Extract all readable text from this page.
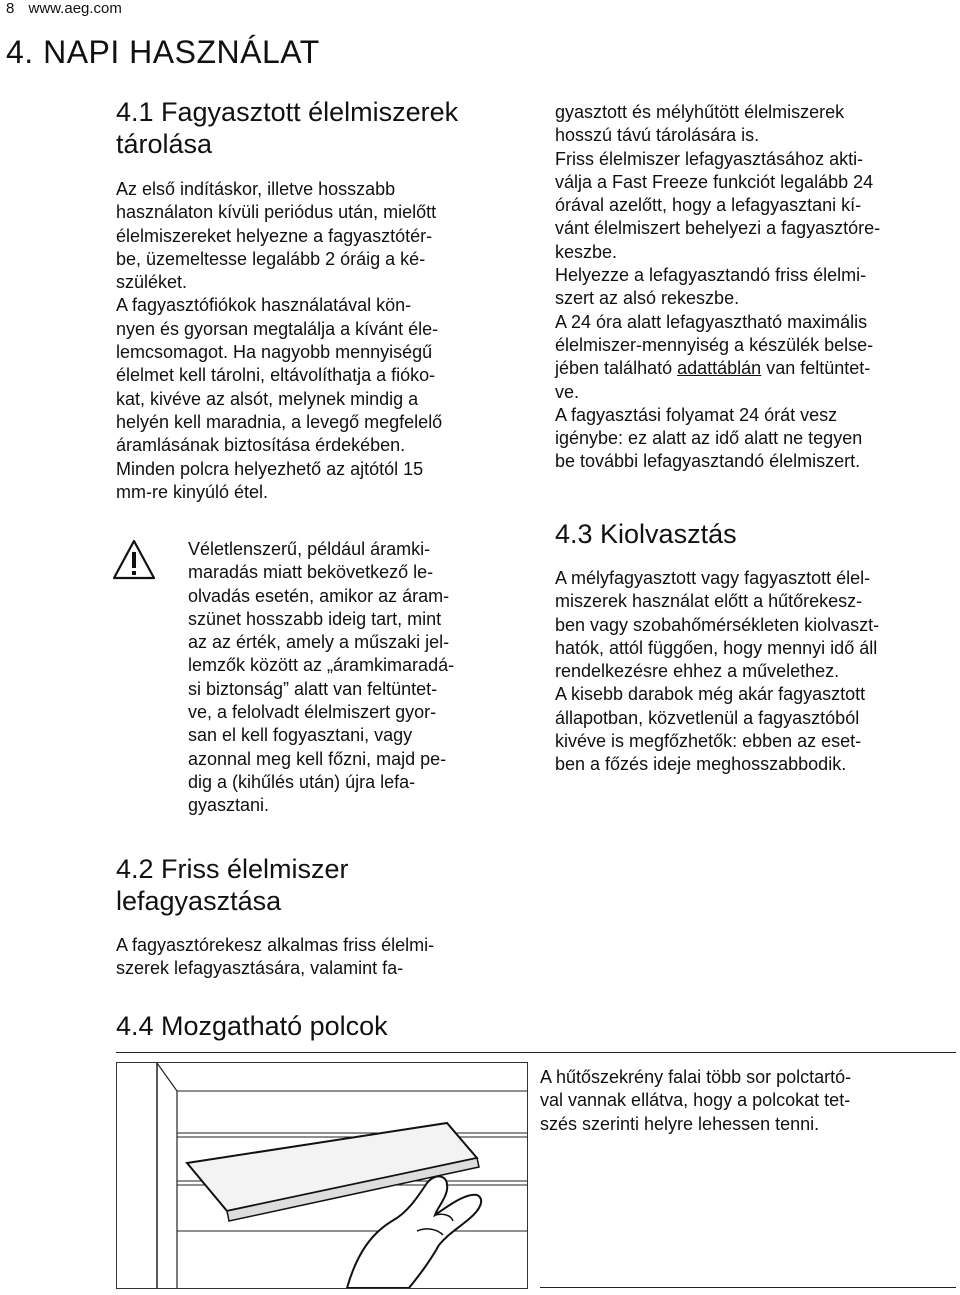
8 www.aeg.com
4. NAPI HASZNÁLAT
4.1 Fagyasztott élelmiszerek
tárolása

Az első indításkor, illetve hosszabb

használaton kívüli periódus után, mielőtt

élelmiszereket helyezne a fagyasztótér-

be, üzemeltesse legalább 2 óráig a ké-

szüléket.

A fagyasztófiókok használatával kön-

nyen és gyorsan megtalálja a kívánt éle-

lemcsomagot. Ha nagyobb mennyiségű

élelmet kell tárolni, eltávolíthatja a fióko-

kat, kivéve az alsót, melynek mindig a

helyén kell maradnia, a levegő megfelelő

áramlásának biztosítása érdekében.

Minden polcra helyezhető az ajtótól 15

mm-re kinyúló étel.

Véletlenszerű, például áramki-

maradás miatt bekövetkező le-

olvadás esetén, amikor az áram-

szünet hosszabb ideig tart, mint

az az érték, amely a műszaki jel-

lemzők között az „áramkimaradá-

si biztonság” alatt van feltüntet-

ve, a felolvadt élelmiszert gyor-

san el kell fogyasztani, vagy

azonnal meg kell főzni, majd pe-

dig a (kihűlés után) újra lefa-

gyasztani.

4.2 Friss élelmiszer
lefagyasztása

A fagyasztórekesz alkalmas friss élelmi-

szerek lefagyasztására, valamint fa-

gyasztott és mélyhűtött élelmiszerek

hosszú távú tárolására is.

Friss élelmiszer lefagyasztásához akti-

válja a Fast Freeze funkciót legalább 24

órával azelőtt, hogy a lefagyasztani kí-

vánt élelmiszert behelyezi a fagyasztóre-

keszbe.

Helyezze a lefagyasztandó friss élelmi-

szert az alsó rekeszbe.

A 24 óra alatt lefagyasztható maximális

élelmiszer-mennyiség a készülék belse-

jében található adattáblán van feltüntet-

ve.

A fagyasztási folyamat 24 órát vesz

igénybe: ez alatt az idő alatt ne tegyen

be további lefagyasztandó élelmiszert.

4.3 Kiolvasztás

A mélyfagyasztott vagy fagyasztott élel-

miszerek használat előtt a hűtőrekesz-

ben vagy szobahőmérsékleten kiolvaszt-

hatók, attól függően, hogy mennyi idő áll

rendelkezésre ehhez a művelethez.

A kisebb darabok még akár fagyasztott

állapotban, közvetlenül a fagyasztóból

kivéve is megfőzhetők: ebben az eset-

ben a főzés ideje meghosszabbodik.

4.4 Mozgatható polcok

A hűtőszekrény falai több sor polctartó-

val vannak ellátva, hogy a polcokat tet-

szés szerinti helyre lehessen tenni.
